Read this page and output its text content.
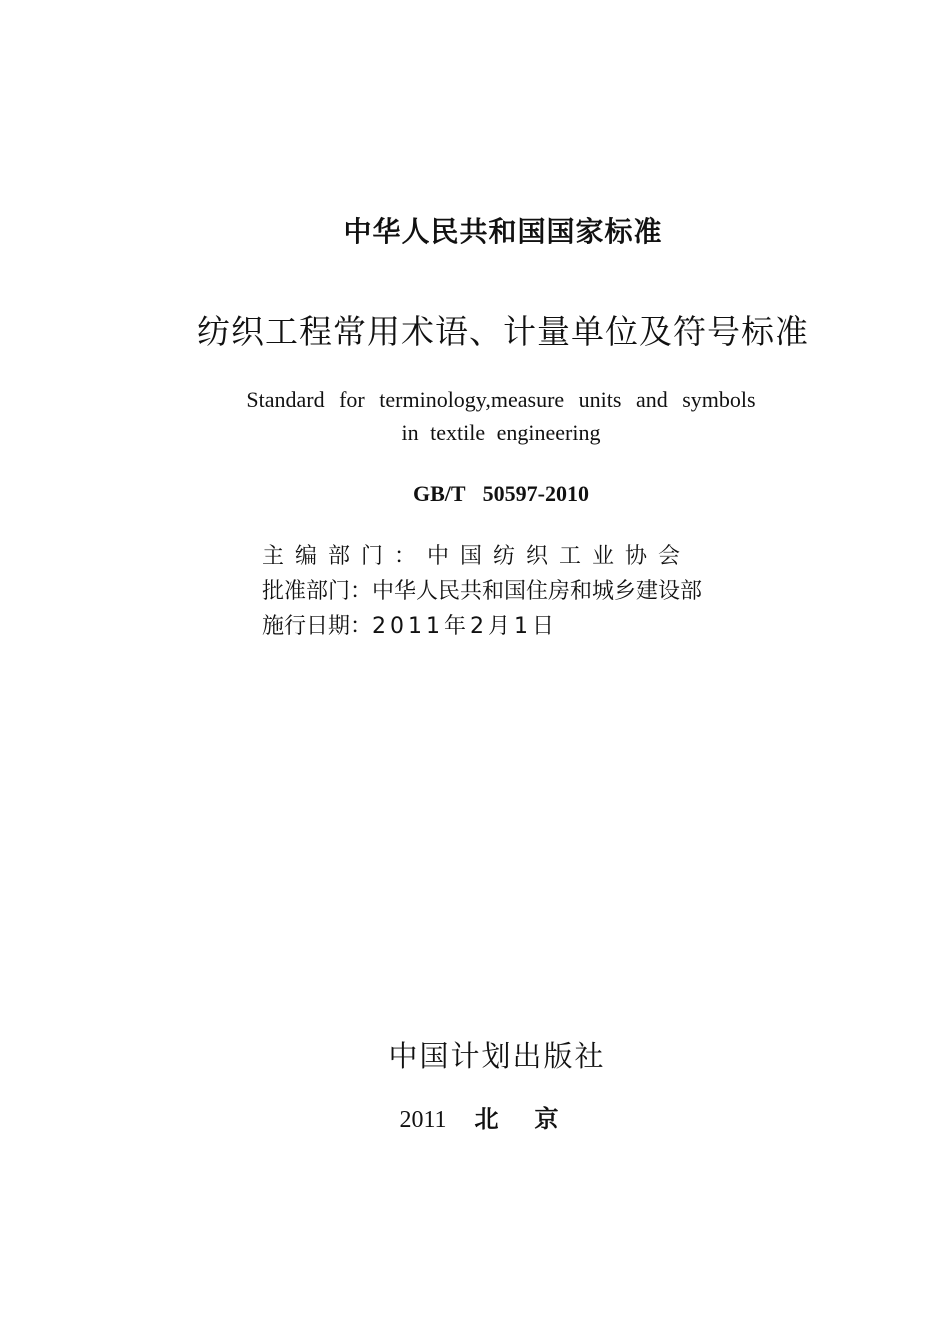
中华人民共和国国家标准
纺织工程常用术语、计量单位及符号标准
Standard for terminology,measure units and symbols
in textile engineering
GB/T 50597-2010
主编部门：中国纺织工业协会
批准部门：中华人民共和国住房和城乡建设部
施行日期：2011年2月1日
中国计划出版社
2011 北京
